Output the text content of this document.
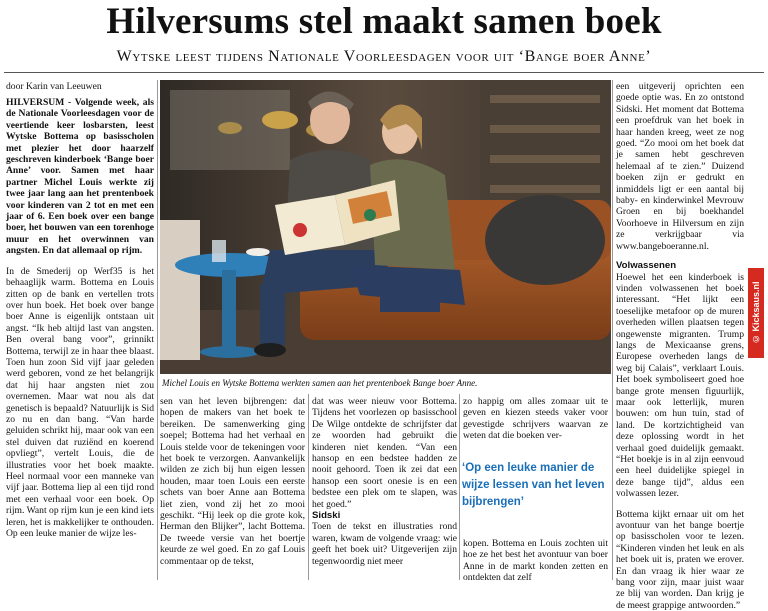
Hilversums stel maakt samen boek
Wytske leest tijdens Nationale Voorleesdagen voor uit ‘Bange boer Anne’
door Karin van Leeuwen

HILVERSUM - Volgende week, als de Nationale Voorleesdagen voor de veertiende keer losbarsten, leest Wytske Bottema op basisscholen met plezier het door haarzelf geschreven kinderboek ‘Bange boer Anne’ voor. Samen met haar partner Michel Louis werkte zij twee jaar lang aan het prentenboek voor kinderen van 2 tot en met een jaar of 6. Een boek over een bange boer, het bouwen van een torenhoge muur en het overwinnen van angsten. En dat allemaal op rijm.

In de Smederij op Werf35 is het behaaglijk warm. Bottema en Louis zitten op de bank en vertellen trots over hun boek. Het boek over bange boer Anne is eigenlijk ontstaan uit angst. “Ik heb altijd last van angsten. Ben overal bang voor”, grinnikt Bottema, terwijl ze in haar thee blaast. Toen hun zoon Sid vijf jaar geleden werd geboren, vond ze het belangrijk dat hij haar angsten niet zou overnemen. Maar wat nou als dat genetisch is bepaald? Natuurlijk is Sid zo nu en dan bang. “Van harde geluiden schrikt hij, maar ook van een stel duiven dat ruziënd en koerend opvliegt”, vertelt Louis, die de illustraties voor het boek maakte. Heel normaal voor een manneke van vijf jaar. Bottema liep al een tijd rond met een verhaal voor een boek. Op rijm. Want op rijm kun je een kind iets leren, het is makkelijker te onthouden. Op een leuke manier de wijze les-

Michel Louis en Wytske Bottema werkten samen aan het prentenboek Bange boer Anne.

sen van het leven bijbrengen: dat hopen de makers van het boek te bereiken. De samenwerking ging soepel; Bottema had het verhaal en Louis stelde voor de tekeningen voor het boek te verzorgen. Aanvankelijk wilden ze zich bij hun eigen lessen houden, maar toen Louis een eerste schets van boer Anne aan Bottema liet zien, vond zij het zo mooi geschikt. “Hij leek op die grote kok, Herman den Blijker”, lacht Bottema. De tweede versie van het boertje keurde ze wel goed. En zo gaf Louis commentaar op de tekst,

dat was weer nieuw voor Bottema. Tijdens het voorlezen op basisschool De Wilge ontdekte de schrijfster dat ze woorden had gebruikt die kinderen niet kenden. “Van een hansop en een bedstee hadden ze nooit gehoord. Toen ik zei dat een hansop een soort onesie is en een bedstee een plek om te slapen, was het goed.”

Sidski

Toen de tekst en illustraties rond waren, kwam de volgende vraag: wie geeft het boek uit? Uitgeverijen zijn tegenwoordig niet meer

zo happig om alles zomaar uit te geven en kiezen steeds vaker voor gevestigde schrijvers waarvan ze weten dat die boeken ver-

‘Op een leuke manier de wijze lessen van het leven bijbrengen’

kopen. Bottema en Louis zochten uit hoe ze het best het avontuur van boer Anne in de markt konden zetten en ontdekten dat zelf

een uitgeverij oprichten een goede optie was. En zo ontstond Sidski. Het moment dat Bottema een proefdruk van het boek in haar handen kreeg, weet ze nog goed. “Zo mooi om het boek dat je samen hebt geschreven helemaal af te zien.” Duizend boeken zijn er gedrukt en inmiddels ligt er een aantal bij baby- en kinderwinkel Mevrouw Groen en bij boekhandel Voorhoeve in Hilversum en zijn ze verkrijgbaar via www.bangeboeranne.nl.

Volwassenen

Hoewel het een kinderboek is vinden volwassenen het boek interessant. “Het lijkt een toeselijke metafoor op de muren overheden willen plaatsen tegen ongewenste migranten. Trump langs de Mexicaanse grens, Europese overheden langs de weg bij Calais”, verklaart Louis. Het boek symboliseert goed hoe bange grote mensen figuurlijk, maar ook letterlijk, muren bouwen: om hun tuin, stad of land. De kortzichtigheid van deze oplossing wordt in het verhaal goed duidelijk gemaakt. “Het boekje is in al zijn eenvoud een heel duidelijke spiegel in deze bange tijd”, aldus een volwassen lezer.

Bottema kijkt ernaar uit om het avontuur van het bange boertje op basisscholen voor te lezen. “Kinderen vinden het leuk en als het boek uit is, praten we erover. En dan vraag ik hier waar ze bang voor zijn, maar juist waar ze blij van worden. Dan krijg je de meest grappige antwoorden.”

© Kicksaus.nl
